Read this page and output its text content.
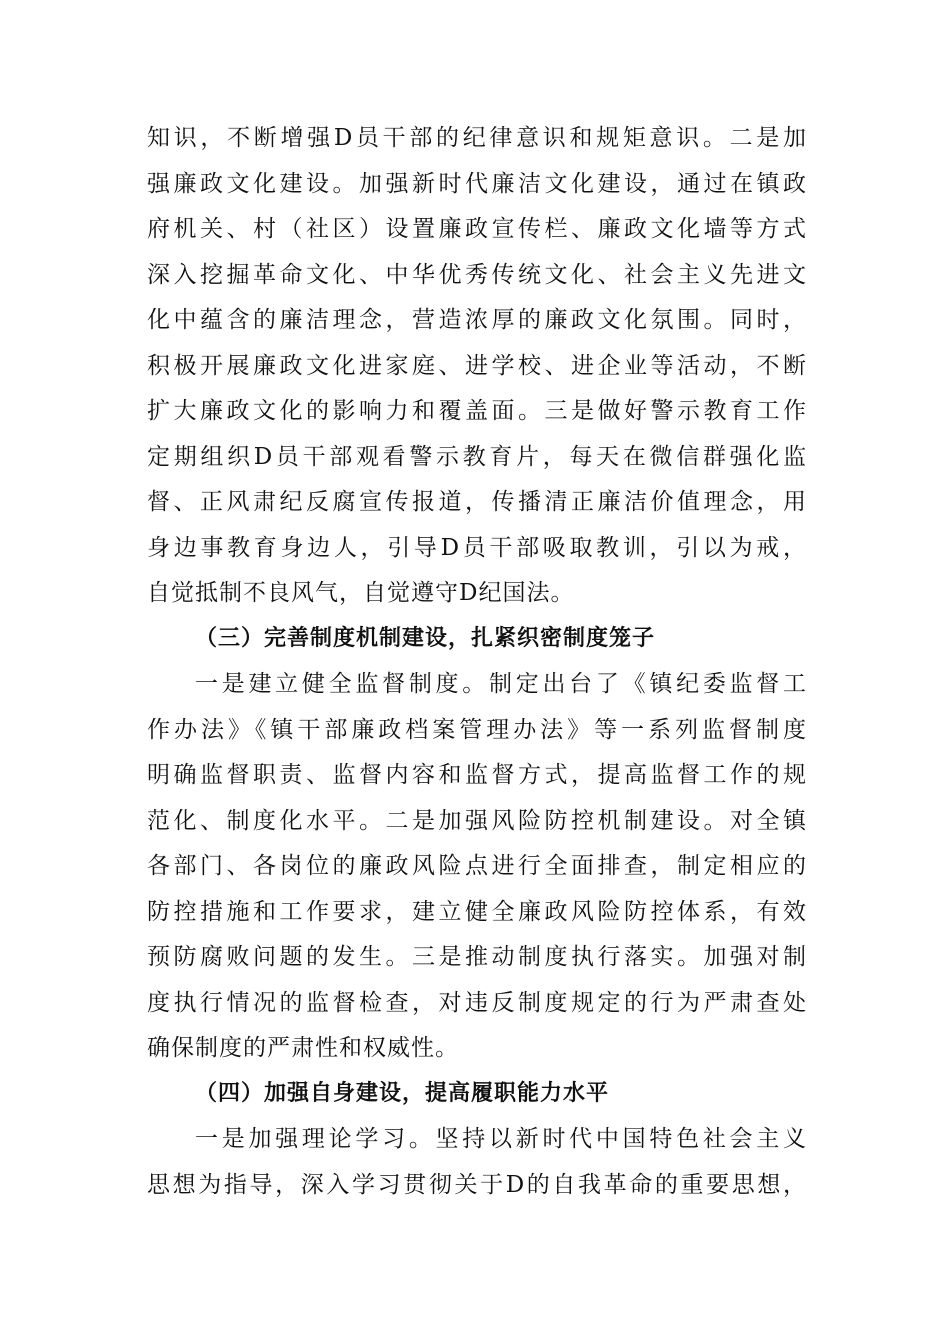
知识，不断增强D员干部的纪律意识和规矩意识。二是加
强廉政文化建设。加强新时代廉洁文化建设，通过在镇政
府机关、村（社区）设置廉政宣传栏、廉政文化墙等方式
深入挖掘革命文化、中华优秀传统文化、社会主义先进文
化中蕴含的廉洁理念，营造浓厚的廉政文化氛围。同时，
积极开展廉政文化进家庭、进学校、进企业等活动，不断
扩大廉政文化的影响力和覆盖面。三是做好警示教育工作
定期组织D员干部观看警示教育片，每天在微信群强化监
督、正风肃纪反腐宣传报道，传播清正廉洁价值理念，用
身边事教育身边人，引导D员干部吸取教训，引以为戒，
自觉抵制不良风气，自觉遵守D纪国法。
（三）完善制度机制建设，扎紧织密制度笼子
一是建立健全监督制度。制定出台了《镇纪委监督工
作办法》《镇干部廉政档案管理办法》等一系列监督制度
明确监督职责、监督内容和监督方式，提高监督工作的规
范化、制度化水平。二是加强风险防控机制建设。对全镇
各部门、各岗位的廉政风险点进行全面排查，制定相应的
防控措施和工作要求，建立健全廉政风险防控体系，有效
预防腐败问题的发生。三是推动制度执行落实。加强对制
度执行情况的监督检查，对违反制度规定的行为严肃查处
确保制度的严肃性和权威性。
（四）加强自身建设，提高履职能力水平
一是加强理论学习。坚持以新时代中国特色社会主义
思想为指导，深入学习贯彻关于D的自我革命的重要思想，
